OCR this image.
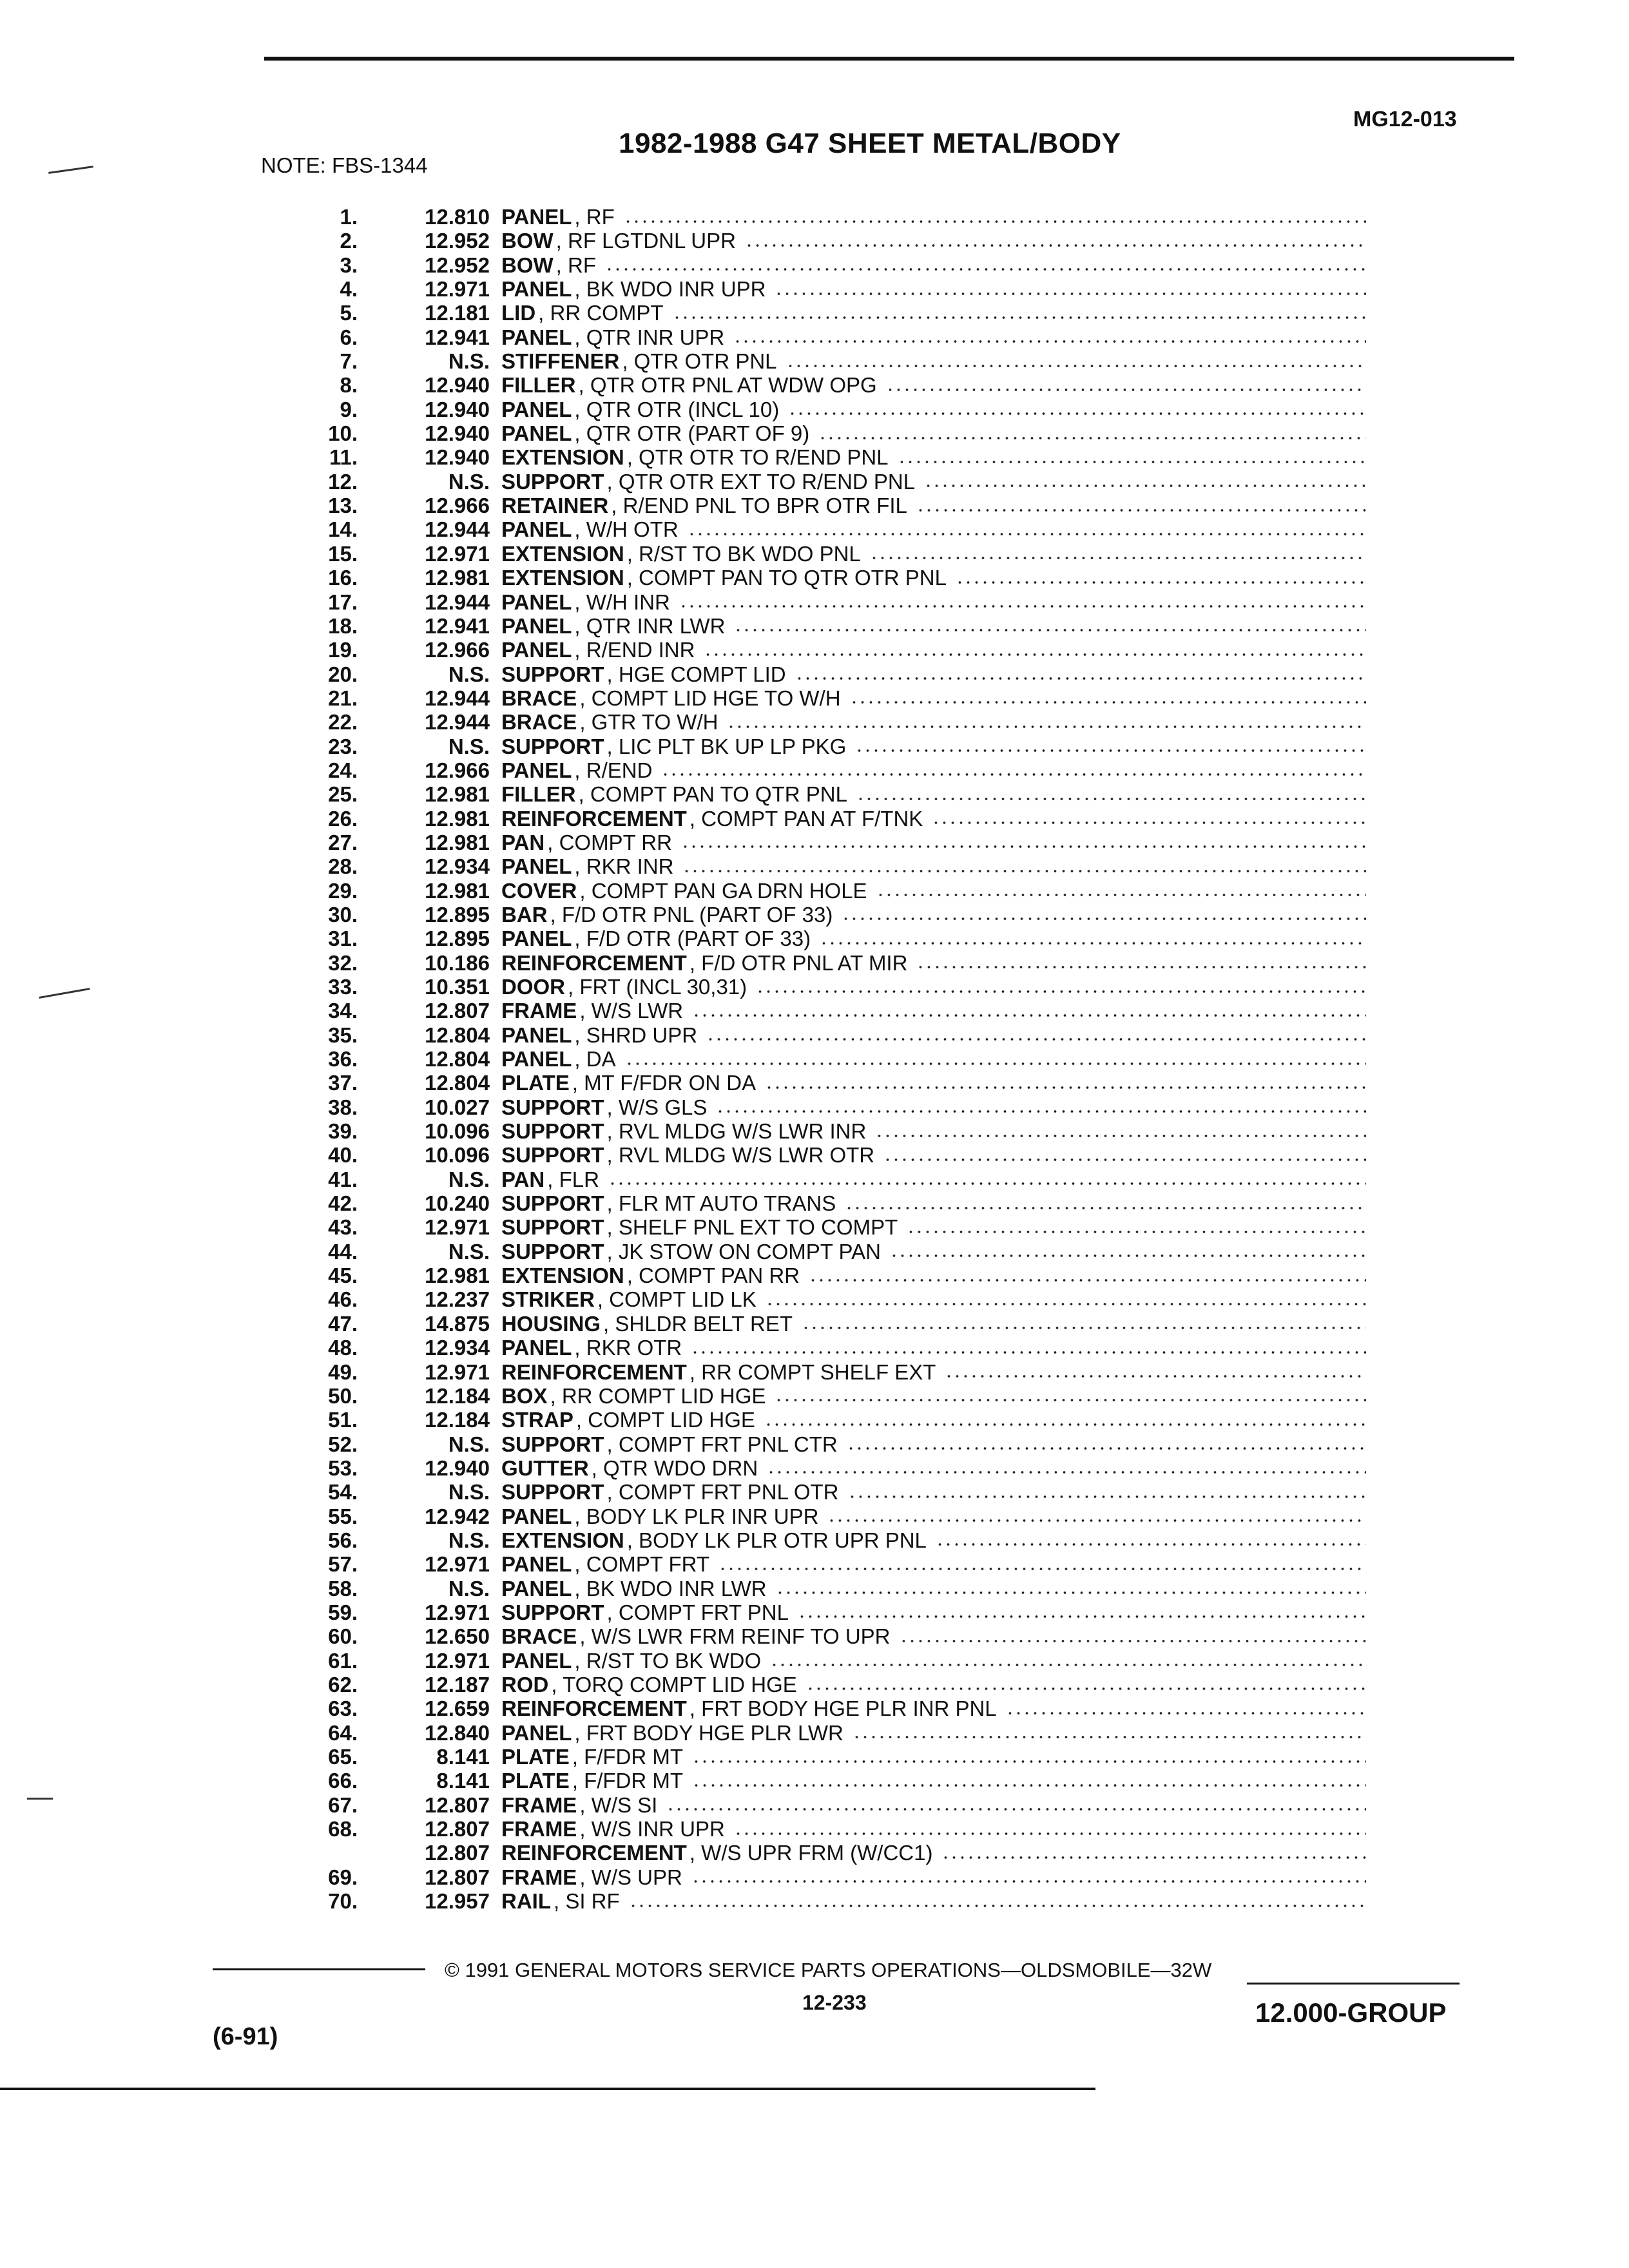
MG12-013
1982-1988 G47 SHEET METAL/BODY
NOTE: FBS-1344
1.	12.810 PANEL , RF
2.	12.952 BOW , RF LGTDNL UPR
3.	12.952 BOW , RF
4.	12.971 PANEL , BK WDO INR UPR
5.	12.181 LID , RR COMPT
6.	12.941 PANEL , QTR INR UPR
7.	N.S. STIFFENER , QTR OTR PNL
8.	12.940 FILLER , QTR OTR PNL AT WDW OPG
9.	12.940 PANEL , QTR OTR (INCL 10)
10.	12.940 PANEL , QTR OTR (PART OF 9)
11.	12.940 EXTENSION , QTR OTR TO R/END PNL
12.	N.S. SUPPORT , QTR OTR EXT TO R/END PNL
13.	12.966 RETAINER , R/END PNL TO BPR OTR FIL
14.	12.944 PANEL , W/H OTR
15.	12.971 EXTENSION , R/ST TO BK WDO PNL
16.	12.981 EXTENSION , COMPT PAN TO QTR OTR PNL
17.	12.944 PANEL , W/H INR
18.	12.941 PANEL , QTR INR LWR
19.	12.966 PANEL , R/END INR
20.	N.S. SUPPORT , HGE COMPT LID
21.	12.944 BRACE , COMPT LID HGE TO W/H
22.	12.944 BRACE , GTR TO W/H
23.	N.S. SUPPORT , LIC PLT BK UP LP PKG
24.	12.966 PANEL , R/END
25.	12.981 FILLER , COMPT PAN TO QTR PNL
26.	12.981 REINFORCEMENT , COMPT PAN AT F/TNK
27.	12.981 PAN , COMPT RR
28.	12.934 PANEL , RKR INR
29.	12.981 COVER , COMPT PAN GA DRN HOLE
30.	12.895 BAR , F/D OTR PNL (PART OF 33)
31.	12.895 PANEL , F/D OTR (PART OF 33)
32.	10.186 REINFORCEMENT , F/D OTR PNL AT MIR
33.	10.351 DOOR , FRT (INCL 30,31)
34.	12.807 FRAME , W/S LWR
35.	12.804 PANEL , SHRD UPR
36.	12.804 PANEL , DA
37.	12.804 PLATE , MT F/FDR ON DA
38.	10.027 SUPPORT , W/S GLS
39.	10.096 SUPPORT , RVL MLDG W/S LWR INR
40.	10.096 SUPPORT , RVL MLDG W/S LWR OTR
41.	N.S. PAN , FLR
42.	10.240 SUPPORT , FLR MT AUTO TRANS
43.	12.971 SUPPORT , SHELF PNL EXT TO COMPT
44.	N.S. SUPPORT , JK STOW ON COMPT PAN
45.	12.981 EXTENSION , COMPT PAN RR
46.	12.237 STRIKER , COMPT LID LK
47.	14.875 HOUSING , SHLDR BELT RET
48.	12.934 PANEL , RKR OTR
49.	12.971 REINFORCEMENT , RR COMPT SHELF EXT
50.	12.184 BOX , RR COMPT LID HGE
51.	12.184 STRAP , COMPT LID HGE
52.	N.S. SUPPORT , COMPT FRT PNL CTR
53.	12.940 GUTTER , QTR WDO DRN
54.	N.S. SUPPORT , COMPT FRT PNL OTR
55.	12.942 PANEL , BODY LK PLR INR UPR
56.	N.S. EXTENSION , BODY LK PLR OTR UPR PNL
57.	12.971 PANEL , COMPT FRT
58.	N.S. PANEL , BK WDO INR LWR
59.	12.971 SUPPORT , COMPT FRT PNL
60.	12.650 BRACE , W/S LWR FRM REINF TO UPR
61.	12.971 PANEL , R/ST TO BK WDO
62.	12.187 ROD , TORQ COMPT LID HGE
63.	12.659 REINFORCEMENT , FRT BODY HGE PLR INR PNL
64.	12.840 PANEL , FRT BODY HGE PLR LWR
65.	8.141 PLATE , F/FDR MT
66.	8.141 PLATE , F/FDR MT
67.	12.807 FRAME , W/S SI
68.	12.807 FRAME , W/S INR UPR
12.807 REINFORCEMENT , W/S UPR FRM (W/CC1)
69.	12.807 FRAME , W/S UPR
70.	12.957 RAIL , SI RF
© 1991 GENERAL MOTORS SERVICE PARTS OPERATIONS—OLDSMOBILE—32W
12-233
(6-91)
12.000-GROUP
